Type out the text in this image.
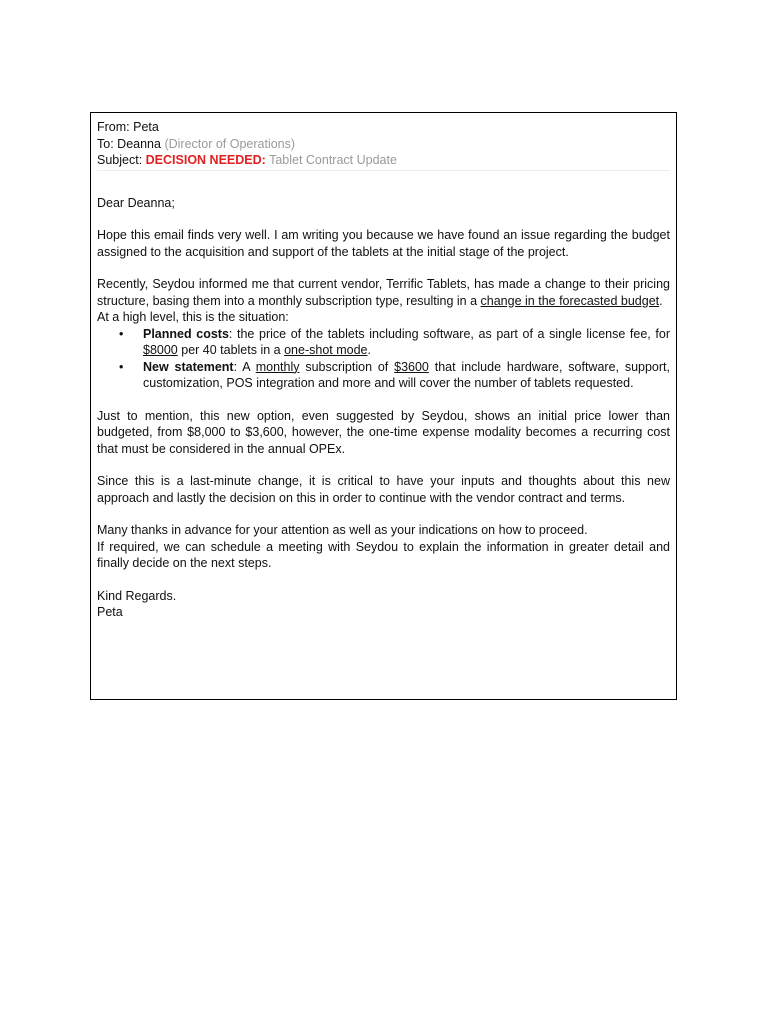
From: Peta
To: Deanna (Director of Operations)
Subject: DECISION NEEDED: Tablet Contract Update

Dear Deanna;

Hope this email finds very well. I am writing you because we have found an issue regarding the budget assigned to the acquisition and support of the tablets at the initial stage of the project.

Recently, Seydou informed me that current vendor, Terrific Tablets, has made a change to their pricing structure, basing them into a monthly subscription type, resulting in a change in the forecasted budget.

At a high level, this is the situation:

• Planned costs: the price of the tablets including software, as part of a single license fee, for $8000 per 40 tablets in a one-shot mode.
• New statement: A monthly subscription of $3600 that include hardware, software, support, customization, POS integration and more and will cover the number of tablets requested.

Just to mention, this new option, even suggested by Seydou, shows an initial price lower than budgeted, from $8,000 to $3,600, however, the one-time expense modality becomes a recurring cost that must be considered in the annual OPEx.

Since this is a last-minute change, it is critical to have your inputs and thoughts about this new approach and lastly the decision on this in order to continue with the vendor contract and terms.

Many thanks in advance for your attention as well as your indications on how to proceed.

If required, we can schedule a meeting with Seydou to explain the information in greater detail and finally decide on the next steps.

Kind Regards.

Peta
